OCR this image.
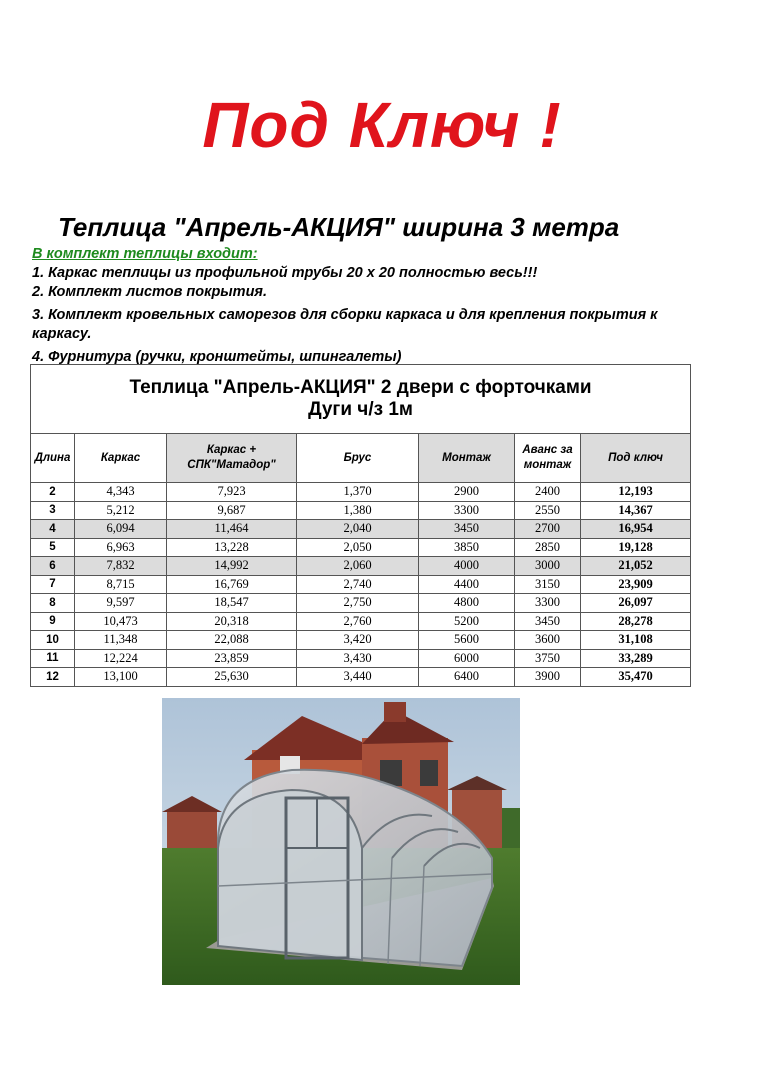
Под Ключ !
Теплица "Апрель-АКЦИЯ" ширина 3 метра
В комплект теплицы входит:
1. Каркас теплицы из профильной трубы 20 х 20 полностью весь!!!
2. Комплект листов покрытия.
3. Комплект кровельных саморезов для сборки каркаса и для крепления покрытия к каркасу.
4. Фурнитура (ручки, кронштейты, шпингалеты)
Теплица "Апрель-АКЦИЯ" 2 двери с форточками
Дуги ч/з 1м						

Длина	Каркас	Каркас + СПК"Матадор"	Брус	Монтаж	Аванс за монтаж	Под ключ
2	4,343	7,923	1,370	2900	2400	12,193
3	5,212	9,687	1,380	3300	2550	14,367
4	6,094	11,464	2,040	3450	2700	16,954
5	6,963	13,228	2,050	3850	2850	19,128
6	7,832	14,992	2,060	4000	3000	21,052
7	8,715	16,769	2,740	4400	3150	23,909
8	9,597	18,547	2,750	4800	3300	26,097
9	10,473	20,318	2,760	5200	3450	28,278
10	11,348	22,088	3,420	5600	3600	31,108
11	12,224	23,859	3,430	6000	3750	33,289
12	13,100	25,630	3,440	6400	3900	35,470
